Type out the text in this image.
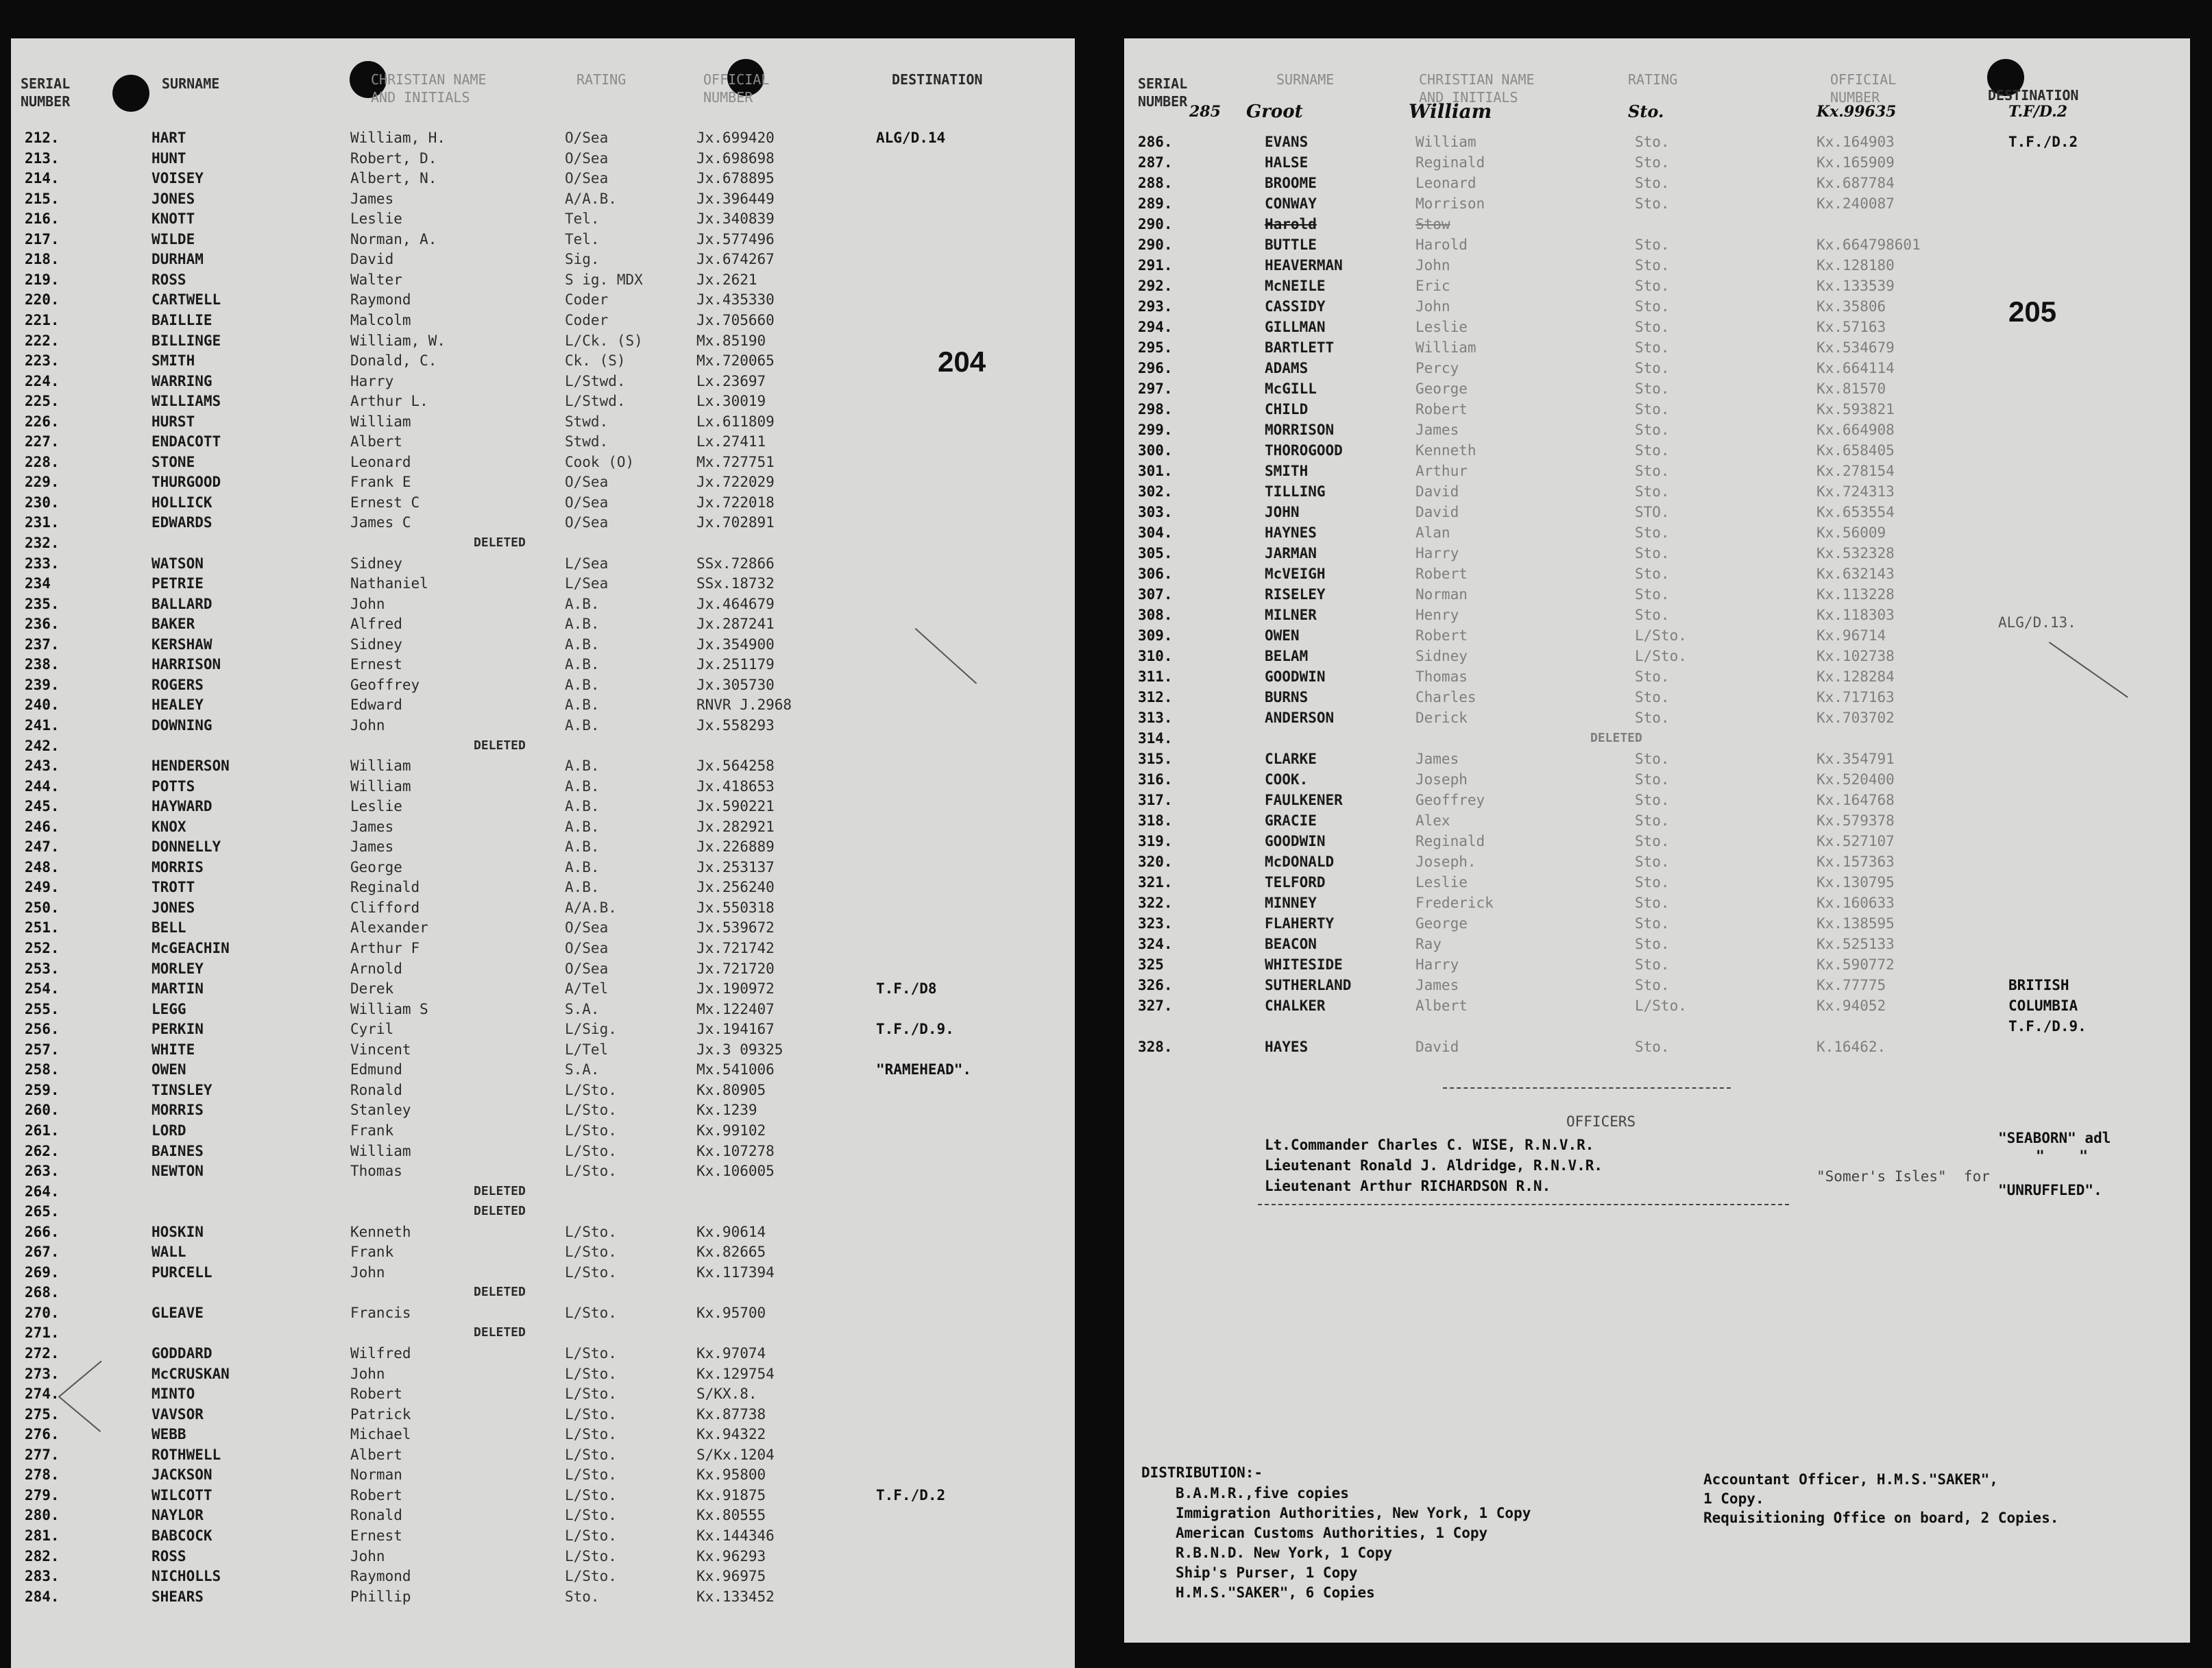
SERIAL
NUMBER
SURNAME	CHRISTIAN NAME
AND INITIALS
RATING	OFFICIAL
NUMBER
DESTINATION
212.	HART	William, H.	O/Sea	Jx.699420	ALG/D.14
213.	HUNT	Robert, D.	O/Sea	Jx.698698
214.	VOISEY	Albert, N.	O/Sea	Jx.678895
215.	JONES	James	A/A.B.	Jx.396449
216.	KNOTT	Leslie	Tel.	Jx.340839
217.	WILDE	Norman, A.	Tel.	Jx.577496
218.	DURHAM	David	Sig.	Jx.674267
219.	ROSS	Walter	S ig. MDX	Jx.2621
220.	CARTWELL	Raymond	Coder	Jx.435330
221.	BAILLIE	Malcolm	Coder	Jx.705660
222.	BILLINGE	William, W.	L/Ck. (S)	Mx.85190
223.	SMITH	Donald, C.	Ck. (S)	Mx.720065
224.	WARRING	Harry	L/Stwd.	Lx.23697
225.	WILLIAMS	Arthur L.	L/Stwd.	Lx.30019
226.	HURST	William	Stwd.	Lx.611809
227.	ENDACOTT	Albert	Stwd.	Lx.27411
228.	STONE	Leonard	Cook (O)	Mx.727751
229.	THURGOOD	Frank E	O/Sea	Jx.722029
230.	HOLLICK	Ernest C	O/Sea	Jx.722018
231.	EDWARDS	James C	O/Sea	Jx.702891
232.	DELETED
233.	WATSON	Sidney	L/Sea	SSx.72866
234	PETRIE	Nathaniel	L/Sea	SSx.18732
235.	BALLARD	John	A.B.	Jx.464679
236.	BAKER	Alfred	A.B.	Jx.287241
237.	KERSHAW	Sidney	A.B.	Jx.354900
238.	HARRISON	Ernest	A.B.	Jx.251179
239.	ROGERS	Geoffrey	A.B.	Jx.305730
240.	HEALEY	Edward	A.B.	RNVR J.2968
241.	DOWNING	John	A.B.	Jx.558293
242.	DELETED
243.	HENDERSON	William	A.B.	Jx.564258
244.	POTTS	William	A.B.	Jx.418653
245.	HAYWARD	Leslie	A.B.	Jx.590221
246.	KNOX	James	A.B.	Jx.282921
247.	DONNELLY	James	A.B.	Jx.226889
248.	MORRIS	George	A.B.	Jx.253137
249.	TROTT	Reginald	A.B.	Jx.256240
250.	JONES	Clifford	A/A.B.	Jx.550318
251.	BELL	Alexander	O/Sea	Jx.539672
252.	McGEACHIN	Arthur F	O/Sea	Jx.721742
253.	MORLEY	Arnold	O/Sea	Jx.721720
254.	MARTIN	Derek	A/Tel	Jx.190972	T.F./D8
255.	LEGG	William S	S.A.	Mx.122407
256.	PERKIN	Cyril	L/Sig.	Jx.194167	T.F./D.9.
257.	WHITE	Vincent	L/Tel	Jx.3 09325
258.	OWEN	Edmund	S.A.	Mx.541006	"RAMEHEAD".
259.	TINSLEY	Ronald	L/Sto.	Kx.80905
260.	MORRIS	Stanley	L/Sto.	Kx.1239
261.	LORD	Frank	L/Sto.	Kx.99102
262.	BAINES	William	L/Sto.	Kx.107278
263.	NEWTON	Thomas	L/Sto.	Kx.106005
264.	DELETED
265.	DELETED
266.	HOSKIN	Kenneth	L/Sto.	Kx.90614
267.	WALL	Frank	L/Sto.	Kx.82665
269.	PURCELL	John	L/Sto.	Kx.117394
268.	DELETED
270.	GLEAVE	Francis	L/Sto.	Kx.95700
271.	DELETED
272.	GODDARD	Wilfred	L/Sto.	Kx.97074
273.	McCRUSKAN	John	L/Sto.	Kx.129754
274.	MINTO	Robert	L/Sto.	S/KX.8.
275.	VAVSOR	Patrick	L/Sto.	Kx.87738
276.	WEBB	Michael	L/Sto.	Kx.94322
277.	ROTHWELL	Albert	L/Sto.	S/Kx.1204
278.	JACKSON	Norman	L/Sto.	Kx.95800
279.	WILCOTT	Robert	L/Sto.	Kx.91875	T.F./D.2
280.	NAYLOR	Ronald	L/Sto.	Kx.80555
281.	BABCOCK	Ernest	L/Sto.	Kx.144346
282.	ROSS	John	L/Sto.	Kx.96293
283.	NICHOLLS	Raymond	L/Sto.	Kx.96975
284.	SHEARS	Phillip	Sto.	Kx.133452
204
SERIAL
NUMBER
SURNAME	CHRISTIAN NAME
AND INITIALS
RATING	OFFICIAL
NUMBER	DESTINATION
285 Groot	William	Sto.	Kx.99635	T.F/D.2
286.	EVANS	William	Sto.	Kx.164903	T.F./D.2
287.	HALSE	Reginald	Sto.	Kx.165909
288.	BROOME	Leonard	Sto.	Kx.687784
289.	CONWAY	Morrison	Sto.	Kx.240087
290.	Harold	Stow
290.	BUTTLE	Harold	Sto.	Kx.664798601
291.	HEAVERMAN	John	Sto.	Kx.128180
292.	McNEILE	Eric	Sto.	Kx.133539
293.	CASSIDY	John	Sto.	Kx.35806
294.	GILLMAN	Leslie	Sto.	Kx.57163
295.	BARTLETT	William	Sto.	Kx.534679
296.	ADAMS	Percy	Sto.	Kx.664114
297.	McGILL	George	Sto.	Kx.81570
298.	CHILD	Robert	Sto.	Kx.593821
299.	MORRISON	James	Sto.	Kx.664908
300.	THOROGOOD	Kenneth	Sto.	Kx.658405
301.	SMITH	Arthur	Sto.	Kx.278154
302.	TILLING	David	Sto.	Kx.724313
303.	JOHN	David	STO.	Kx.653554
304.	HAYNES	Alan	Sto.	Kx.56009
305.	JARMAN	Harry	Sto.	Kx.532328
306.	McVEIGH	Robert	Sto.	Kx.632143
307.	RISELEY	Norman	Sto.	Kx.113228
308.	MILNER	Henry	Sto.	Kx.118303
309.	OWEN	Robert	L/Sto.	Kx.96714
310.	BELAM	Sidney	L/Sto.	Kx.102738
311.	GOODWIN	Thomas	Sto.	Kx.128284
312.	BURNS	Charles	Sto.	Kx.717163
313.	ANDERSON	Derick	Sto.	Kx.703702
314.	DELETED
315.	CLARKE	James	Sto.	Kx.354791
316.	COOK.	Joseph	Sto.	Kx.520400
317.	FAULKENER	Geoffrey	Sto.	Kx.164768
318.	GRACIE	Alex	Sto.	Kx.579378
319.	GOODWIN	Reginald	Sto.	Kx.527107
320.	McDONALD	Joseph.	Sto.	Kx.157363
321.	TELFORD	Leslie	Sto.	Kx.130795
322.	MINNEY	Frederick	Sto.	Kx.160633
323.	FLAHERTY	George	Sto.	Kx.138595
324.	BEACON	Ray	Sto.	Kx.525133
325	WHITESIDE	Harry	Sto.	Kx.590772
326.	SUTHERLAND	James	Sto.	Kx.77775	BRITISH
327.	CHALKER	Albert	L/Sto.	Kx.94052	COLUMBIA
T.F./D.9.
328.	HAYES	David	Sto.	K.16462.
205
ALG/D.13.
OFFICERS
Lt.Commander Charles C. WISE, R.N.V.R.
Lieutenant Ronald J. Aldridge, R.N.V.R.
Lieutenant Arthur RICHARDSON R.N.
"SEABORN" adl
"    "
"Somer's Isles"  for
"UNRUFFLED".
DISTRIBUTION:-
B.A.M.R.,five copies
Immigration Authorities, New York, 1 Copy
American Customs Authorities, 1 Copy
R.B.N.D. New York, 1 Copy
Ship's Purser, 1 Copy
H.M.S."SAKER", 6 Copies
Accountant Officer, H.M.S."SAKER",
1 Copy.
Requisitioning Office on board, 2 Copies.
